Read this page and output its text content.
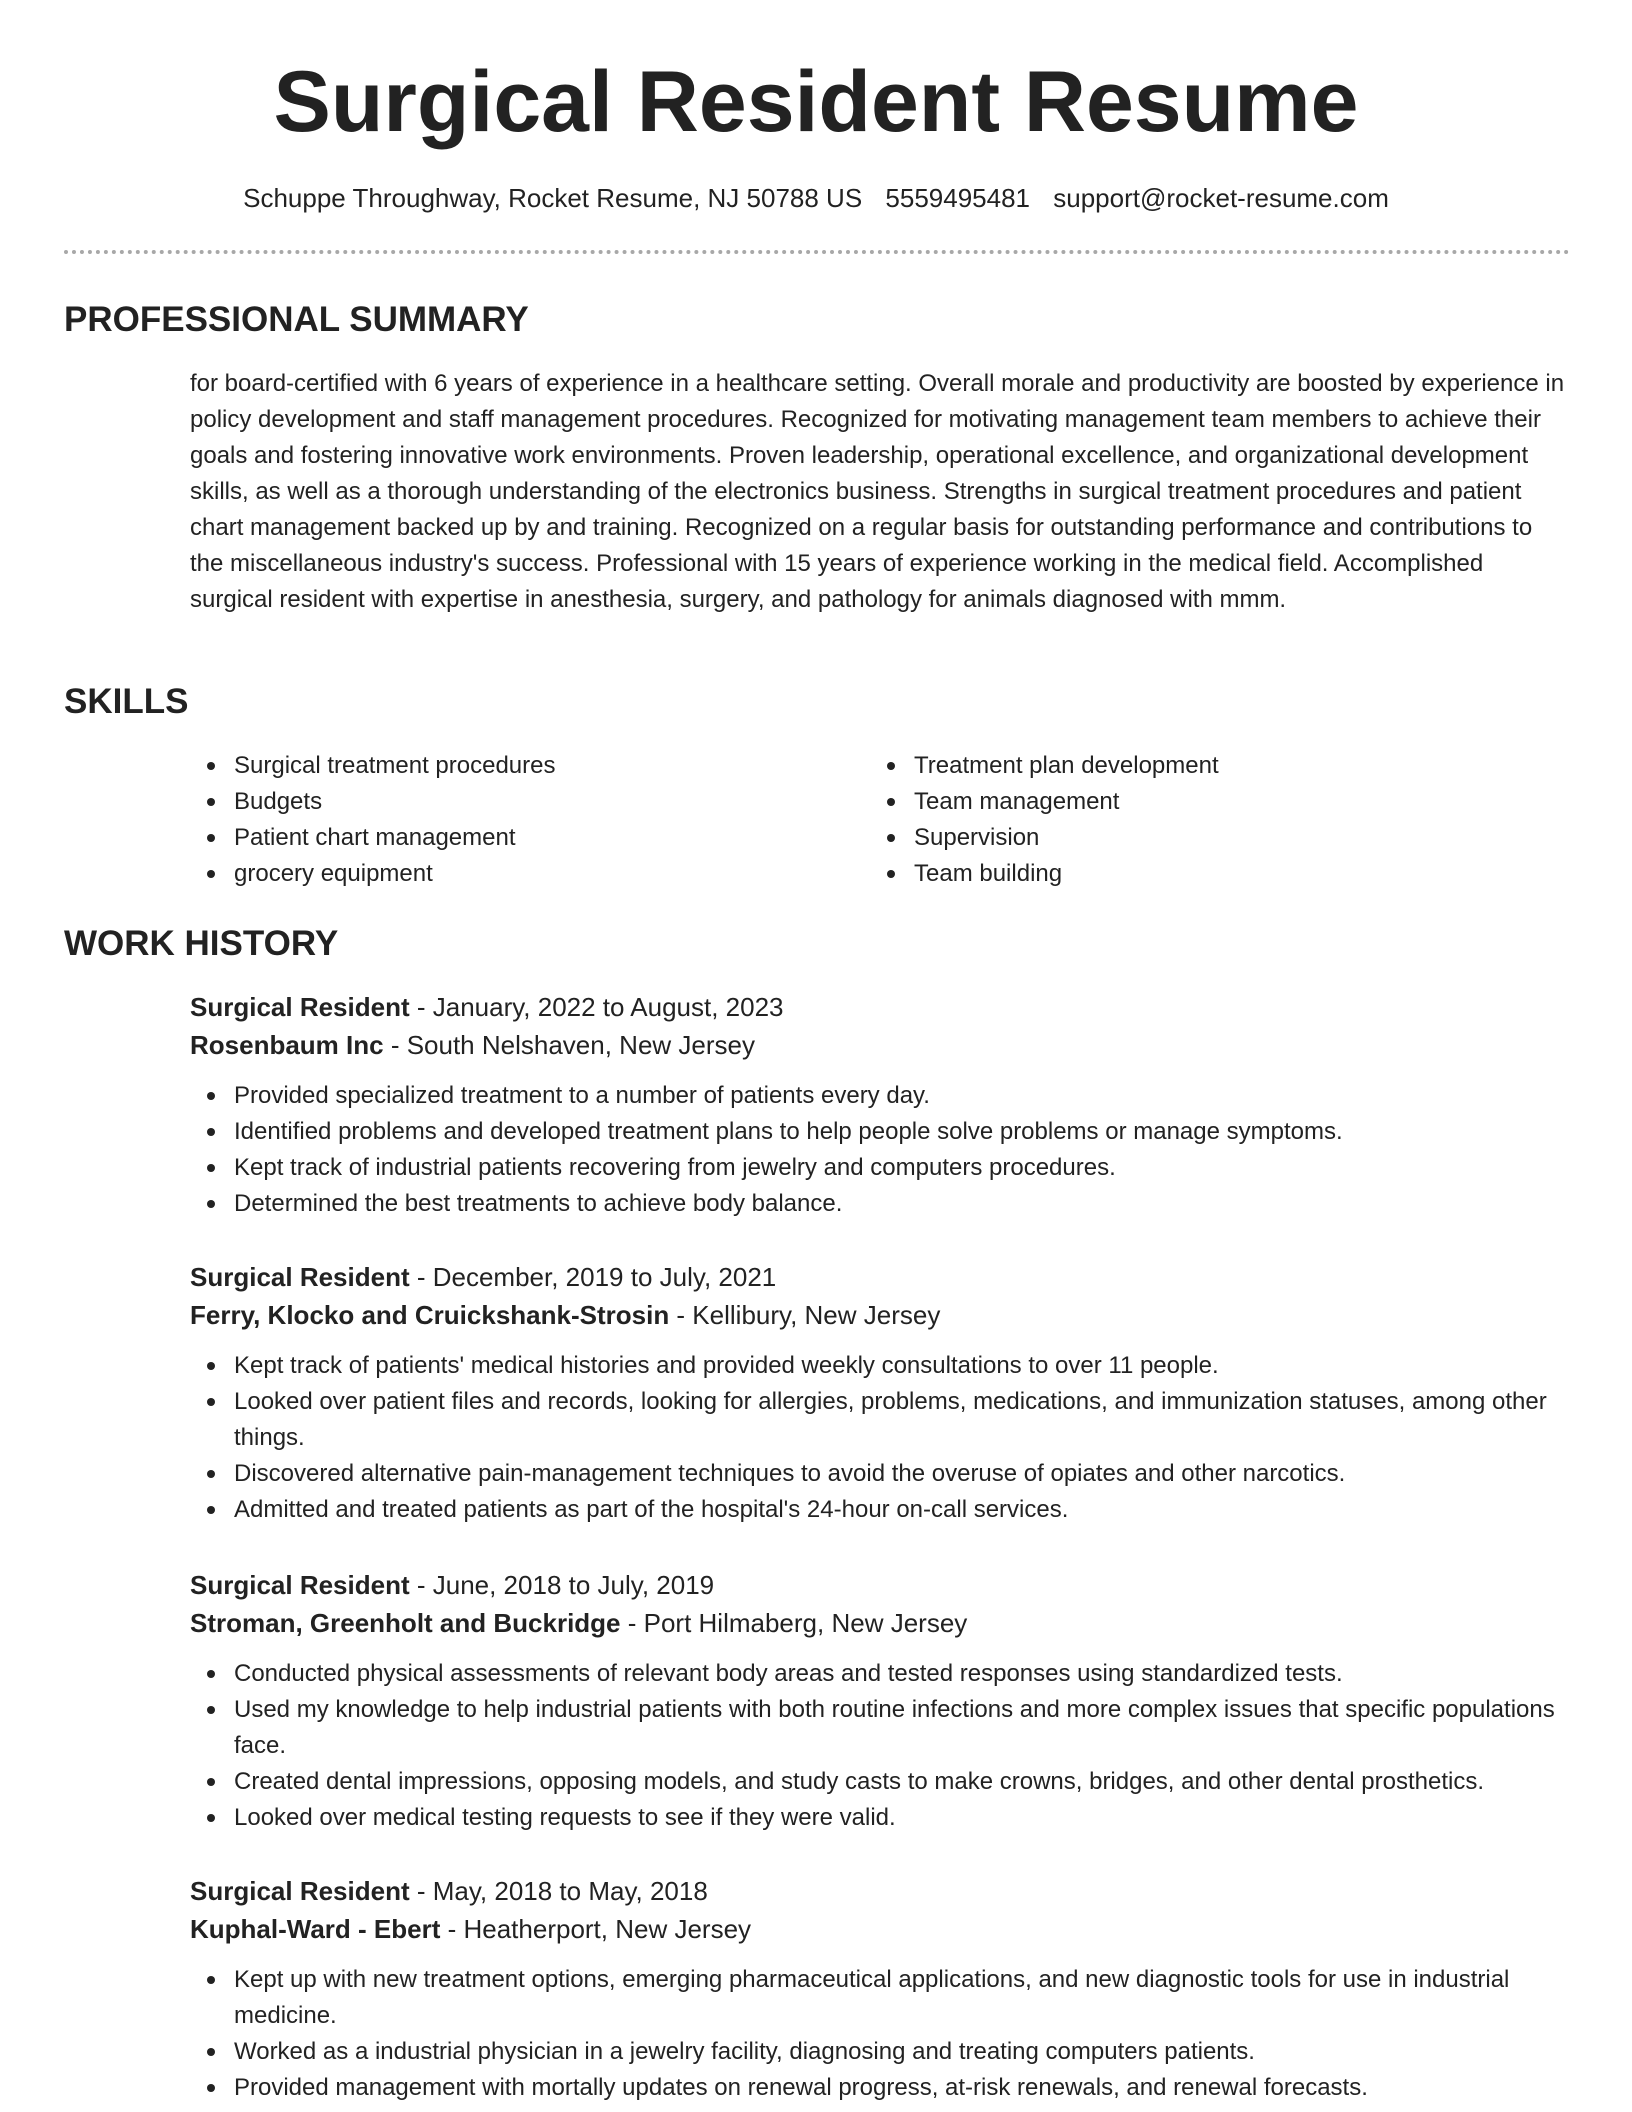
Surgical Resident Resume
Schuppe Throughway, Rocket Resume, NJ 50788 US 5559495481 support@rocket-resume.com
PROFESSIONAL SUMMARY

for board-certified with 6 years of experience in a healthcare setting. Overall morale and productivity are boosted by experience in policy development and staff management procedures. Recognized for motivating management team members to achieve their goals and fostering innovative work environments. Proven leadership, operational excellence, and organizational development skills, as well as a thorough understanding of the electronics business. Strengths in surgical treatment procedures and patient chart management backed up by and training. Recognized on a regular basis for outstanding performance and contributions to the miscellaneous industry's success. Professional with 15 years of experience working in the medical field. Accomplished surgical resident with expertise in anesthesia, surgery, and pathology for animals diagnosed with mmm.

SKILLS
Surgical treatment procedures
Budgets
Patient chart management
grocery equipment
Treatment plan development
Team management
Supervision
Team building
WORK HISTORY
Surgical Resident - January, 2022 to August, 2023
Rosenbaum Inc - South Nelshaven, New Jersey
Provided specialized treatment to a number of patients every day.
Identified problems and developed treatment plans to help people solve problems or manage symptoms.
Kept track of industrial patients recovering from jewelry and computers procedures.
Determined the best treatments to achieve body balance.
Surgical Resident - December, 2019 to July, 2021
Ferry, Klocko and Cruickshank-Strosin - Kellibury, New Jersey
Kept track of patients' medical histories and provided weekly consultations to over 11 people.
Looked over patient files and records, looking for allergies, problems, medications, and immunization statuses, among other things.
Discovered alternative pain-management techniques to avoid the overuse of opiates and other narcotics.
Admitted and treated patients as part of the hospital's 24-hour on-call services.
Surgical Resident - June, 2018 to July, 2019
Stroman, Greenholt and Buckridge - Port Hilmaberg, New Jersey
Conducted physical assessments of relevant body areas and tested responses using standardized tests.
Used my knowledge to help industrial patients with both routine infections and more complex issues that specific populations face.
Created dental impressions, opposing models, and study casts to make crowns, bridges, and other dental prosthetics.
Looked over medical testing requests to see if they were valid.
Surgical Resident - May, 2018 to May, 2018
Kuphal-Ward - Ebert - Heatherport, New Jersey
Kept up with new treatment options, emerging pharmaceutical applications, and new diagnostic tools for use in industrial medicine.
Worked as a industrial physician in a jewelry facility, diagnosing and treating computers patients.
Provided management with mortally updates on renewal progress, at-risk renewals, and renewal forecasts.
